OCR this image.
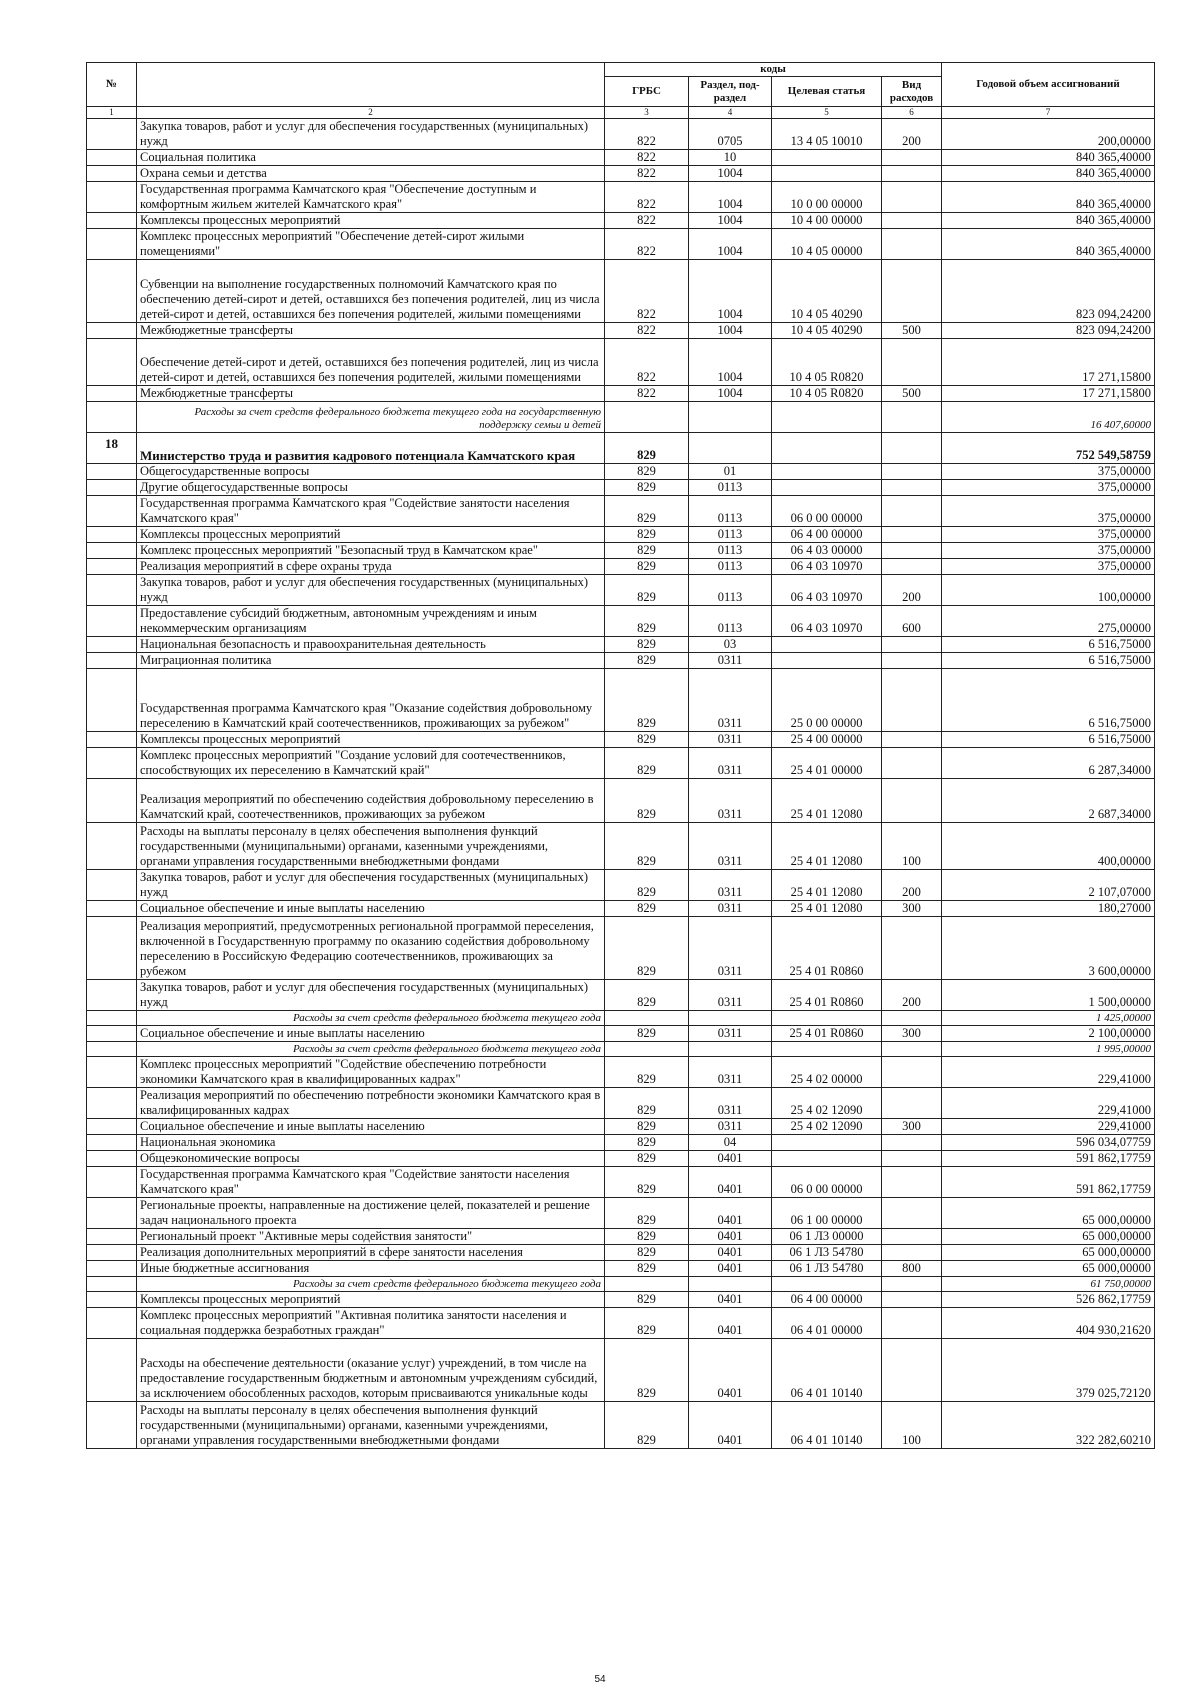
№		коды				Годовой объем ассигнований
		ГРБС	Раздел, под-раздел	Целевая статья	Вид расходов	
1	2	3	4	5	6	7
	Закупка товаров, работ и услуг для обеспечения государственных (муниципальных) нужд	822	0705	13 4 05 10010	200	200,00000
	Социальная политика	822	10			840 365,40000
	Охрана семьи и детства	822	1004			840 365,40000
	Государственная программа Камчатского края "Обеспечение доступным и комфортным жильем жителей Камчатского края"	822	1004	10 0 00 00000		840 365,40000
	Комплексы процессных мероприятий	822	1004	10 4 00 00000		840 365,40000
	Комплекс процессных мероприятий "Обеспечение детей-сирот жилыми помещениями"	822	1004	10 4 05 00000		840 365,40000
	Субвенции на выполнение государственных полномочий Камчатского края по обеспечению детей-сирот и детей, оставшихся без попечения родителей, лиц из числа детей-сирот и детей, оставшихся без попечения родителей, жилыми помещениями	822	1004	10 4 05 40290		823 094,24200
	Межбюджетные трансферты	822	1004	10 4 05 40290	500	823 094,24200
	Обеспечение детей-сирот и детей, оставшихся без попечения родителей, лиц из числа детей-сирот и детей, оставшихся без попечения родителей, жилыми помещениями	822	1004	10 4 05 R0820		17 271,15800
	Межбюджетные трансферты	822	1004	10 4 05 R0820	500	17 271,15800
	Расходы за счет средств федерального бюджета текущего года на государственную поддержку семьи и детей					16 407,60000
18	Министерство труда и развития кадрового потенциала Камчатского края	829				752 549,58759
	Общегосударственные вопросы	829	01			375,00000
	Другие общегосударственные вопросы	829	0113			375,00000
	Государственная программа Камчатского края "Содействие занятости населения Камчатского края"	829	0113	06 0 00 00000		375,00000
	Комплексы процессных мероприятий	829	0113	06 4 00 00000		375,00000
	Комплекс процессных мероприятий "Безопасный труд в Камчатском крае"	829	0113	06 4 03 00000		375,00000
	Реализация мероприятий в сфере охраны труда	829	0113	06 4 03 10970		375,00000
	Закупка товаров, работ и услуг для обеспечения государственных (муниципальных) нужд	829	0113	06 4 03 10970	200	100,00000
	Предоставление субсидий бюджетным, автономным учреждениям и иным некоммерческим организациям	829	0113	06 4 03 10970	600	275,00000
	Национальная безопасность и правоохранительная деятельность	829	03			6 516,75000
	Миграционная политика	829	0311			6 516,75000
	Государственная программа Камчатского края "Оказание содействия добровольному переселению в Камчатский край соотечественников, проживающих за рубежом"	829	0311	25 0 00 00000		6 516,75000
	Комплексы процессных мероприятий	829	0311	25 4 00 00000		6 516,75000
	Комплекс процессных мероприятий "Создание условий для соотечественников, способствующих их переселению в Камчатский край"	829	0311	25 4 01 00000		6 287,34000
	Реализация мероприятий по обеспечению содействия добровольному переселению в Камчатский край, соотечественников, проживающих за рубежом	829	0311	25 4 01 12080		2 687,34000
	Расходы на выплаты персоналу в целях обеспечения выполнения функций государственными (муниципальными) органами, казенными учреждениями, органами управления государственными внебюджетными фондами	829	0311	25 4 01 12080	100	400,00000
	Закупка товаров, работ и услуг для обеспечения государственных (муниципальных) нужд	829	0311	25 4 01 12080	200	2 107,07000
	Социальное обеспечение и иные выплаты населению	829	0311	25 4 01 12080	300	180,27000
	Реализация мероприятий, предусмотренных региональной программой переселения, включенной в Государственную программу по оказанию содействия добровольному переселению в Российскую Федерацию соотечественников, проживающих за рубежом	829	0311	25 4 01 R0860		3 600,00000
	Закупка товаров, работ и услуг для обеспечения государственных (муниципальных) нужд	829	0311	25 4 01 R0860	200	1 500,00000
	Расходы за счет средств федерального бюджета текущего года					1 425,00000
	Социальное обеспечение и иные выплаты населению	829	0311	25 4 01 R0860	300	2 100,00000
	Расходы за счет средств федерального бюджета текущего года					1 995,00000
	Комплекс процессных мероприятий "Содействие обеспечению потребности экономики Камчатского края в квалифицированных кадрах"	829	0311	25 4 02 00000		229,41000
	Реализация мероприятий по обеспечению потребности экономики Камчатского края в квалифицированных кадрах	829	0311	25 4 02 12090		229,41000
	Социальное обеспечение и иные выплаты населению	829	0311	25 4 02 12090	300	229,41000
	Национальная экономика	829	04			596 034,07759
	Общеэкономические вопросы	829	0401			591 862,17759
	Государственная программа Камчатского края "Содействие занятости населения Камчатского края"	829	0401	06 0 00 00000		591 862,17759
	Региональные проекты, направленные на достижение целей, показателей и решение задач национального проекта	829	0401	06 1 00 00000		65 000,00000
	Региональный проект "Активные меры содействия занятости"	829	0401	06 1 Л3 00000		65 000,00000
	Реализация дополнительных мероприятий в сфере занятости населения	829	0401	06 1 Л3 54780		65 000,00000
	Иные бюджетные ассигнования	829	0401	06 1 Л3 54780	800	65 000,00000
	Расходы за счет средств федерального бюджета текущего года					61 750,00000
	Комплексы процессных мероприятий	829	0401	06 4 00 00000		526 862,17759
	Комплекс процессных мероприятий "Активная политика занятости населения и социальная поддержка безработных граждан"	829	0401	06 4 01 00000		404 930,21620
	Расходы на обеспечение деятельности (оказание услуг) учреждений, в том числе на предоставление государственным бюджетным и автономным учреждениям субсидий, за исключением обособленных расходов, которым присваиваются уникальные коды	829	0401	06 4 01 10140		379 025,72120
	Расходы на выплаты персоналу в целях обеспечения выполнения функций государственными (муниципальными) органами, казенными учреждениями, органами управления государственными внебюджетными фондами	829	0401	06 4 01 10140	100	322 282,60210
54
